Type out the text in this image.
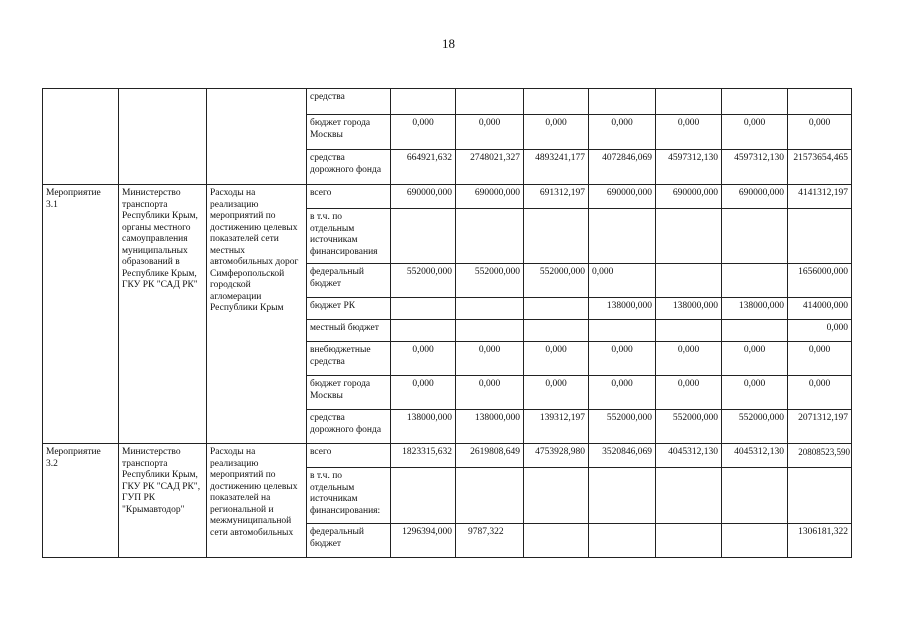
18
			средства							
			бюджет города Москвы	0,000	0,000	0,000	0,000	0,000	0,000	0,000
			средства дорожного фонда	664921,632	2748021,327	4893241,177	4072846,069	4597312,130	4597312,130	21573654,465
Мероприятие 3.1	Министерство транспорта Республики Крым, органы местного самоуправления муниципальных образований в Республике Крым, ГКУ РК "САД РК"	Расходы на реализацию мероприятий по достижению целевых показателей сети местных автомобильных дорог Симферопольской городской агломерации Республики Крым	всего	690000,000	690000,000	691312,197	690000,000	690000,000	690000,000	4141312,197
			в т.ч. по отдельным источникам финансирования							
			федеральный бюджет	552000,000	552000,000	552000,000	0,000			1656000,000
			бюджет РК				138000,000	138000,000	138000,000	414000,000
			местный бюджет							0,000
			внебюджетные средства	0,000	0,000	0,000	0,000	0,000	0,000	0,000
			бюджет города Москвы	0,000	0,000	0,000	0,000	0,000	0,000	0,000
			средства дорожного фонда	138000,000	138000,000	139312,197	552000,000	552000,000	552000,000	2071312,197
Мероприятие 3.2	Министерство транспорта Республики Крым, ГКУ РК "САД РК", ГУП РК "Крымавтодор"	Расходы на реализацию мероприятий по достижению целевых показателей на региональной и межмуниципальной сети автомобильных	всего	1823315,632	2619808,649	4753928,980	3520846,069	4045312,130	4045312,130	20808523,590
			в т.ч. по отдельным источникам финансирования:							
			федеральный бюджет	1296394,000	9787,322					1306181,322
